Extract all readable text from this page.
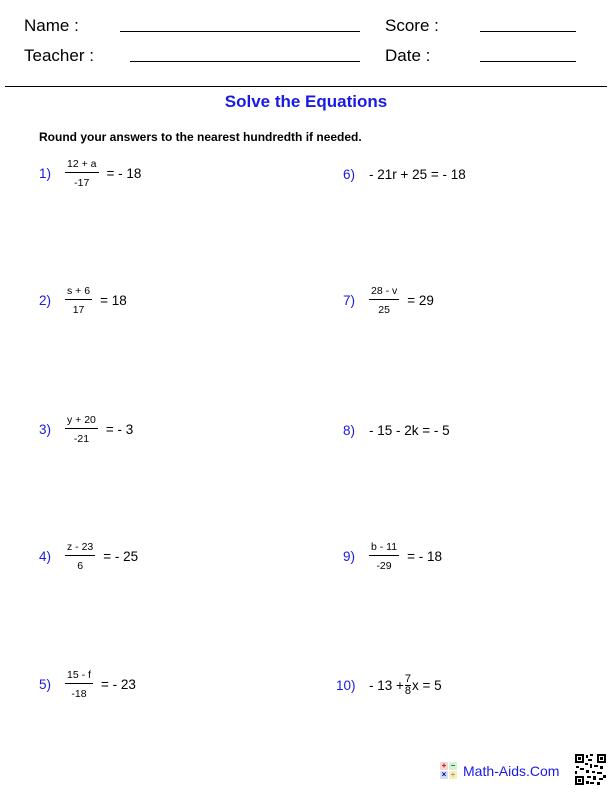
Name :	Score :
Teacher :	Date :
Solve the Equations
Round your answers to the nearest hundredth if needed.
1)	$\frac{12 + a}{-17}$ = - 18
2)	$\frac{s + 6}{17} = 18$
3)	$\frac{y + 20}{-21}$ = - 3
4)	$\frac{z - 23}{6}$ = - 25
5)	$\frac{15 - f}{-18}$ = - 23
6)	- 21r + 25 = - 18
7)	$\frac{28 - v}{25} = 29$
8)	- 15 - 2k = - 5
9)	$\frac{b - 11}{-29}$ = - 18
10) - 13 + 7
8 x = 5
+ −
× ÷ Math-Aids.Com
